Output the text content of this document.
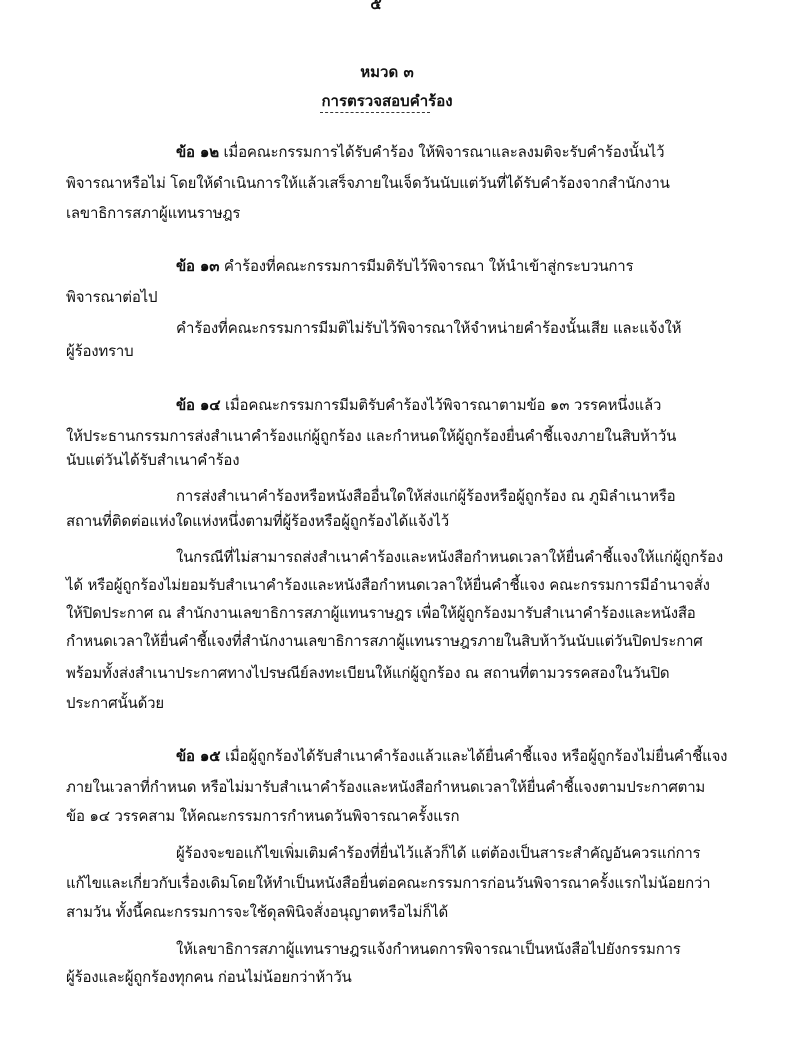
๕
หมวด ๓
การตรวจสอบคำร้อง
ข้อ ๑๒ เมื่อคณะกรรมการได้รับคำร้อง ให้พิจารณาและลงมติจะรับคำร้องนั้นไว้
พิจารณาหรือไม่ โดยให้ดำเนินการให้แล้วเสร็จภายในเจ็ดวันนับแต่วันที่ได้รับคำร้องจากสำนักงาน
เลขาธิการสภาผู้แทนราษฎร
ข้อ ๑๓ คำร้องที่คณะกรรมการมีมติรับไว้พิจารณา ให้นำเข้าสู่กระบวนการ
พิจารณาต่อไป
คำร้องที่คณะกรรมการมีมติไม่รับไว้พิจารณาให้จำหน่ายคำร้องนั้นเสีย และแจ้งให้
ผู้ร้องทราบ
ข้อ ๑๔ เมื่อคณะกรรมการมีมติรับคำร้องไว้พิจารณาตามข้อ ๑๓ วรรคหนึ่งแล้ว
ให้ประธานกรรมการส่งสำเนาคำร้องแก่ผู้ถูกร้อง และกำหนดให้ผู้ถูกร้องยื่นคำชี้แจงภายในสิบห้าวัน
นับแต่วันได้รับสำเนาคำร้อง
การส่งสำเนาคำร้องหรือหนังสืออื่นใดให้ส่งแก่ผู้ร้องหรือผู้ถูกร้อง ณ ภูมิลำเนาหรือ
สถานที่ติดต่อแห่งใดแห่งหนึ่งตามที่ผู้ร้องหรือผู้ถูกร้องได้แจ้งไว้
ในกรณีที่ไม่สามารถส่งสำเนาคำร้องและหนังสือกำหนดเวลาให้ยื่นคำชี้แจงให้แก่ผู้ถูกร้อง
ได้ หรือผู้ถูกร้องไม่ยอมรับสำเนาคำร้องและหนังสือกำหนดเวลาให้ยื่นคำชี้แจง คณะกรรมการมีอำนาจสั่ง
ให้ปิดประกาศ ณ สำนักงานเลขาธิการสภาผู้แทนราษฎร เพื่อให้ผู้ถูกร้องมารับสำเนาคำร้องและหนังสือ
กำหนดเวลาให้ยื่นคำชี้แจงที่สำนักงานเลขาธิการสภาผู้แทนราษฎรภายในสิบห้าวันนับแต่วันปิดประกาศ
พร้อมทั้งส่งสำเนาประกาศทางไปรษณีย์ลงทะเบียนให้แก่ผู้ถูกร้อง ณ สถานที่ตามวรรคสองในวันปิด
ประกาศนั้นด้วย
ข้อ ๑๕ เมื่อผู้ถูกร้องได้รับสำเนาคำร้องแล้วและได้ยื่นคำชี้แจง หรือผู้ถูกร้องไม่ยื่นคำชี้แจง
ภายในเวลาที่กำหนด หรือไม่มารับสำเนาคำร้องและหนังสือกำหนดเวลาให้ยื่นคำชี้แจงตามประกาศตาม
ข้อ ๑๔ วรรคสาม ให้คณะกรรมการกำหนดวันพิจารณาครั้งแรก
ผู้ร้องจะขอแก้ไขเพิ่มเติมคำร้องที่ยื่นไว้แล้วก็ได้ แต่ต้องเป็นสาระสำคัญอันควรแก่การ
แก้ไขและเกี่ยวกับเรื่องเดิมโดยให้ทำเป็นหนังสือยื่นต่อคณะกรรมการก่อนวันพิจารณาครั้งแรกไม่น้อยกว่า
สามวัน ทั้งนี้คณะกรรมการจะใช้ดุลพินิจสั่งอนุญาตหรือไม่ก็ได้
ให้เลขาธิการสภาผู้แทนราษฎรแจ้งกำหนดการพิจารณาเป็นหนังสือไปยังกรรมการ
ผู้ร้องและผู้ถูกร้องทุกคน ก่อนไม่น้อยกว่าห้าวัน
